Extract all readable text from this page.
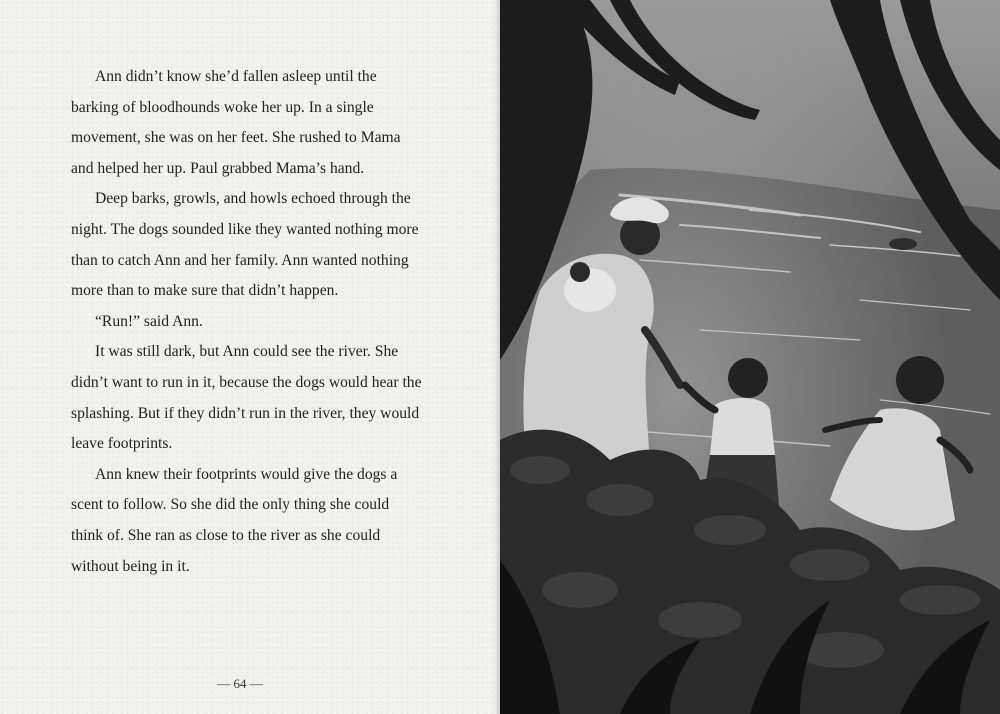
Ann didn’t know she’d fallen asleep until the barking of bloodhounds woke her up. In a single movement, she was on her feet. She rushed to Mama and helped her up. Paul grabbed Mama’s hand.

Deep barks, growls, and howls echoed through the night. The dogs sounded like they wanted nothing more than to catch Ann and her family. Ann wanted nothing more than to make sure that didn’t happen.

“Run!” said Ann.

It was still dark, but Ann could see the river. She didn’t want to run in it, because the dogs would hear the splashing. But if they didn’t run in the river, they would leave footprints.

Ann knew their footprints would give the dogs a scent to follow. So she did the only thing she could think of. She ran as close to the river as she could without being in it.

— 64 —
